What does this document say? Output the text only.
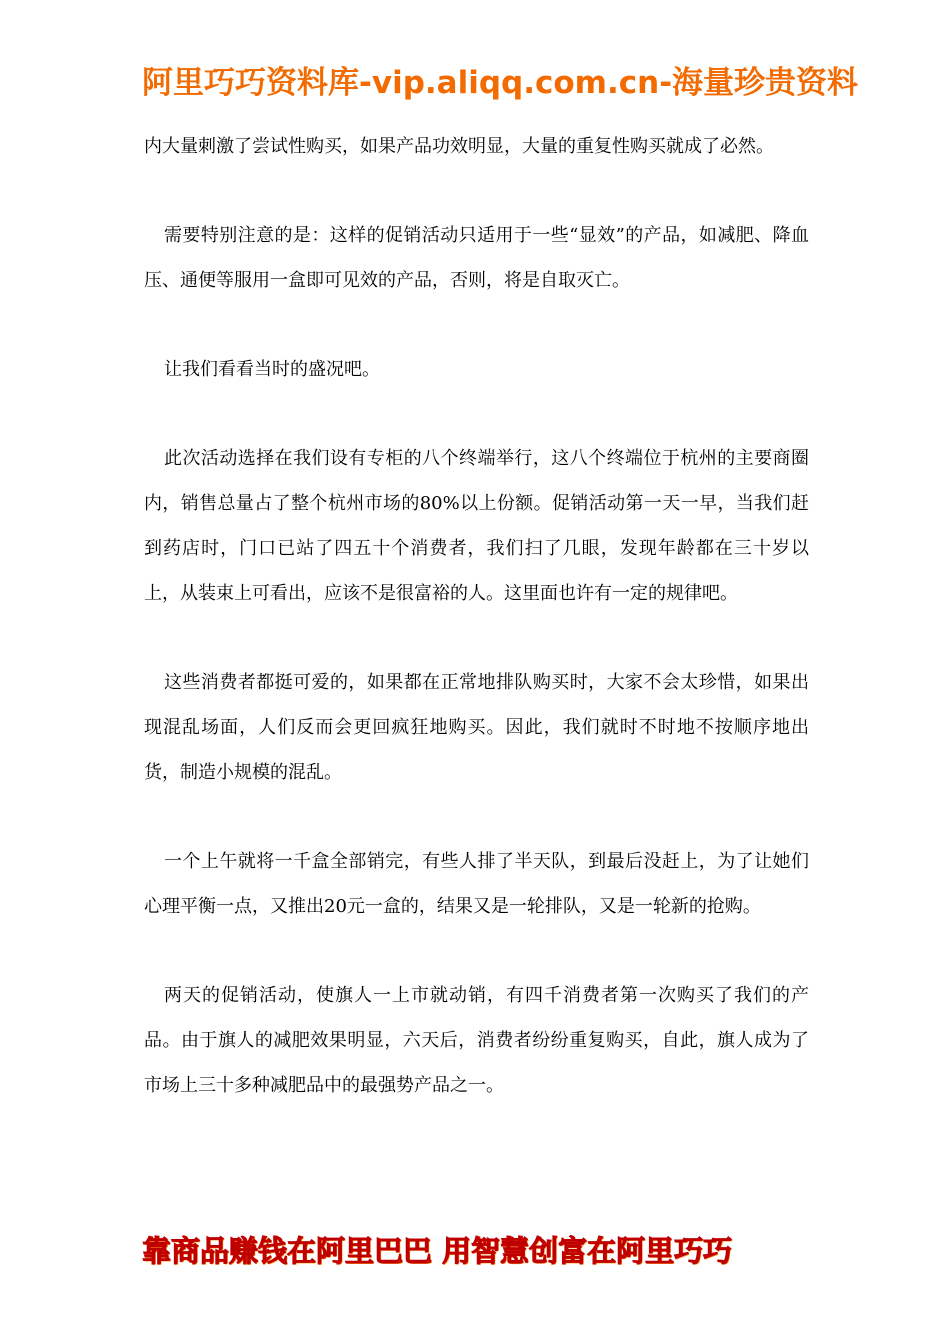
阿里巧巧资料库-vip.aliqq.com.cn-海量珍贵资料

内大量刺激了尝试性购买，如果产品功效明显，大量的重复性购买就成了必然。

需要特别注意的是：这样的促销活动只适用于一些“显效”的产品，如减肥、降血压、通便等服用一盒即可见效的产品，否则，将是自取灭亡。

让我们看看当时的盛况吧。

此次活动选择在我们设有专柜的八个终端举行，这八个终端位于杭州的主要商圈内，销售总量占了整个杭州市场的80%以上份额。促销活动第一天一早，当我们赶到药店时，门口已站了四五十个消费者，我们扫了几眼，发现年龄都在三十岁以上，从装束上可看出，应该不是很富裕的人。这里面也许有一定的规律吧。

这些消费者都挺可爱的，如果都在正常地排队购买时，大家不会太珍惜，如果出现混乱场面，人们反而会更回疯狂地购买。因此，我们就时不时地不按顺序地出货，制造小规模的混乱。

一个上午就将一千盒全部销完，有些人排了半天队，到最后没赶上，为了让她们心理平衡一点，又推出20元一盒的，结果又是一轮排队，又是一轮新的抢购。

两天的促销活动，使旗人一上市就动销，有四千消费者第一次购买了我们的产品。由于旗人的减肥效果明显，六天后，消费者纷纷重复购买，自此，旗人成为了市场上三十多种减肥品中的最强势产品之一。

靠商品赚钱在阿里巴巴 用智慧创富在阿里巧巧
